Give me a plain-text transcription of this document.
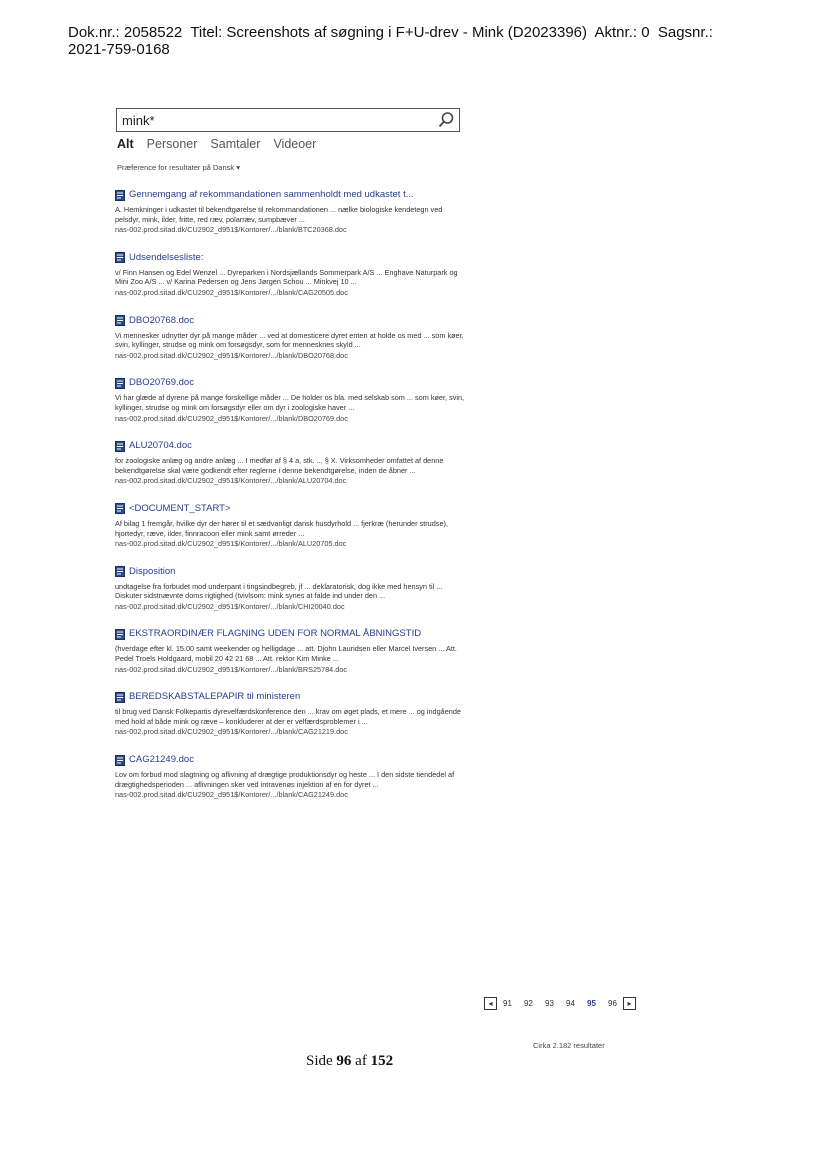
Dok.nr.: 2058522  Titel: Screenshots af søgning i F+U-drev - Mink (D2023396)  Aktnr.: 0  Sagsnr.:
2021-759-0168
mink*
Alt Personer Samtaler Videoer
Præference for resultater på Dansk ▾
Gennemgang af rekommandationen sammenholdt med udkastet t...
A. Hemkninger i udkastet til bekendtgørelse til rekommandationen ... nælke biologiske kendetegn ved pelsdyr, mink, ilder, fritte, red ræv, polarræv, sumpbæver ...
nas-002.prod.sitad.dk/CU2902_d951$/Kontorer/.../blank/BTC20368.doc
Udsendelsesliste:
v/ Finn Hansen og Edel Wenzel ... Dyreparken i Nordsjællands Sommerpark A/S ... Enghave Naturpark og Mini Zoo A/S ... v/ Karina Pedersen og Jens Jørgen Schou ... Minkvej 10 ...
nas-002.prod.sitad.dk/CU2902_d951$/Kontorer/.../blank/CAG20505.doc
DBO20768.doc
Vi mennesker udnytter dyr på mange måder ... ved at domesticere dyret enten at holde os med ... som køer, svin, kyllinger, strudse og mink om forsøgsdyr, som for mennesknes skyld ...
nas-002.prod.sitad.dk/CU2902_d951$/Kontorer/.../blank/DBO20768.doc
DBO20769.doc
Vi har glæde af dyrene på mange forskellige måder ... De holder os bla. med selskab som ... som køer, svin, kyllinger, strudse og mink om forsøgsdyr eller om dyr i zoologiske haver ...
nas-002.prod.sitad.dk/CU2902_d951$/Kontorer/.../blank/DBO20769.doc
ALU20704.doc
for zoologiske anlæg og andre anlæg ... I medfør af § 4 a, stk. ... § X. Virksomheder omfattet af denne bekendtgørelse skal være godkendt efter reglerne i denne bekendtgørelse, inden de åbner ...
nas-002.prod.sitad.dk/CU2902_d951$/Kontorer/.../blank/ALU20704.doc
<DOCUMENT_START>
Af bilag 1 fremgår, hvilke dyr der hører til et sædvanligt dansk husdyrhold ... fjerkræ (herunder strudse), hjortedyr, ræve, ilder, finnracoon eller mink samt ørreder ...
nas-002.prod.sitad.dk/CU2902_d951$/Kontorer/.../blank/ALU20705.doc
Disposition
undtagelse fra forbudet mod underpant i tingsindbegreb, jf ... deklaratorisk, dog ikke med hensyn til ... Diskuter sidstnævnte doms rigtighed (tvivlsom: mink synes at falde ind under den ...
nas-002.prod.sitad.dk/CU2902_d951$/Kontorer/.../blank/CHI20040.doc
EKSTRAORDINÆR FLAGNING UDEN FOR NORMAL ÅBNINGSTID
(hverdage efter kl. 15.00 samt weekender og helligdage ... att. Djohn Lauridsen eller Marcel Iversen ... Att. Pedel Troels Holdgaard, mobil 20 42 21 68 ... Att. rektor Kim Minke ...
nas-002.prod.sitad.dk/CU2902_d951$/Kontorer/.../blank/BRS25784.doc
BEREDSKABSTALEPAPIR til ministeren
til brug ved Dansk Folkepartis dyrevelfærdskonference den ... krav om øget plads, et mere ... og indgående med hold af både mink og ræve – konkluderer at der er velfærdsproblemer i ...
nas-002.prod.sitad.dk/CU2902_d951$/Kontorer/.../blank/CAG21219.doc
CAG21249.doc
Lov om forbud mod slagtning og aflivning af drægtige produktionsdyr og heste ... I den sidste tiendedel af drægtighedsperioden ... aflivningen sker ved intravenøs injektion af en for dyret ...
nas-002.prod.sitad.dk/CU2902_d951$/Kontorer/.../blank/CAG21249.doc
◂	91	92	93	94	95	96	▸
Cirka 2.182 resultater
Side 96 af 152
